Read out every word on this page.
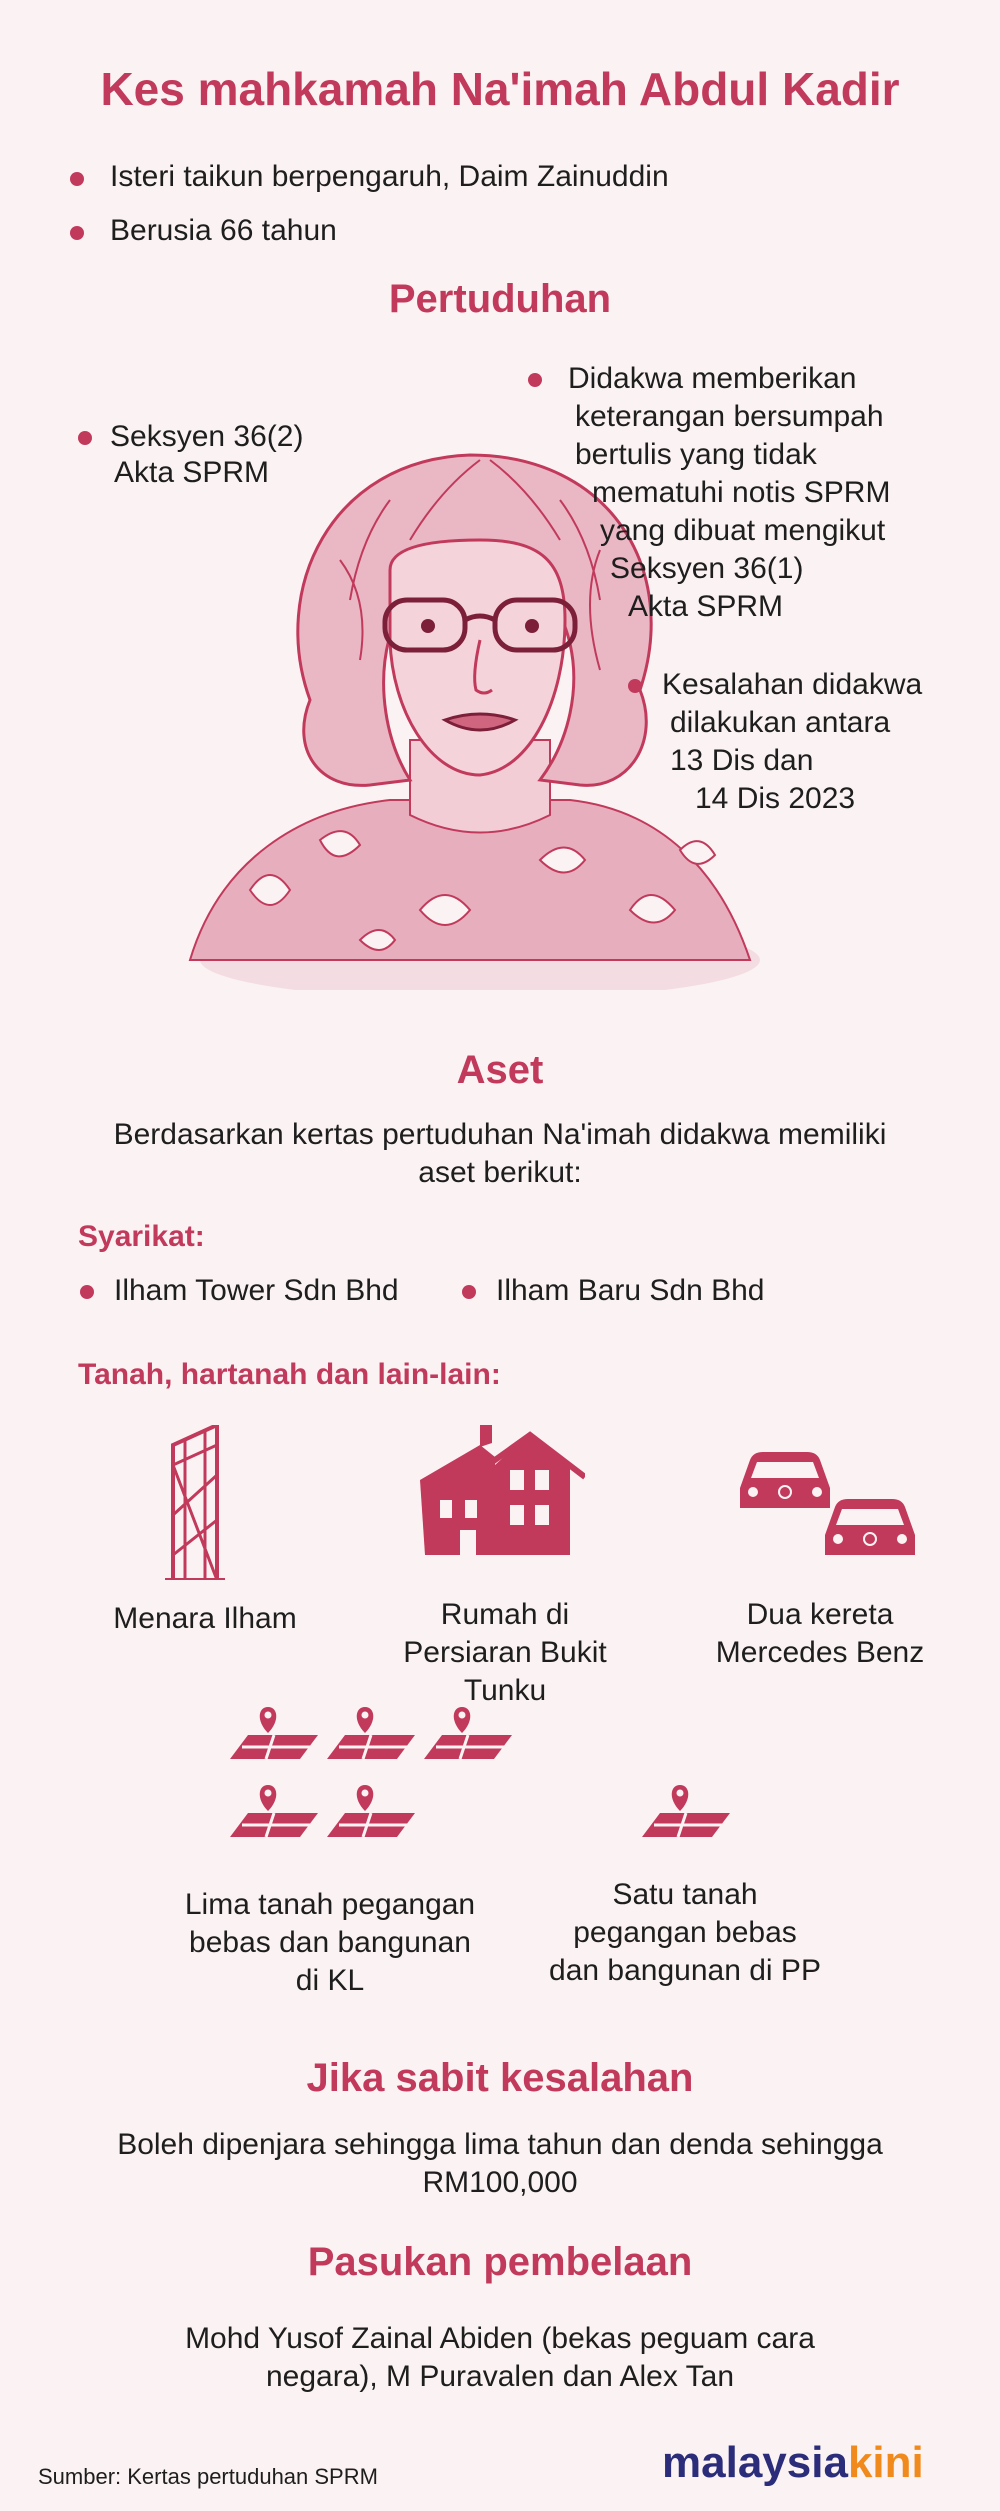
Kes mahkamah Na'imah Abdul Kadir
Isteri taikun berpengaruh, Daim Zainuddin
Berusia 66 tahun
Pertuduhan
Seksyen 36(2)
Akta SPRM
Didakwa memberikan
keterangan bersumpah
bertulis yang tidak
mematuhi notis SPRM
yang dibuat mengikut
Seksyen 36(1)
Akta SPRM
Kesalahan didakwa
dilakukan antara
13 Dis dan
14 Dis 2023
Aset
Berdasarkan kertas pertuduhan Na'imah didakwa memiliki
aset berikut:
Syarikat:
Ilham Tower Sdn Bhd	Ilham Baru Sdn Bhd
Tanah, hartanah dan lain-lain:
Menara Ilham	Rumah di
Persiaran Bukit
Tunku
Dua kereta
Mercedes Benz
Lima tanah pegangan
bebas dan bangunan
di KL
Satu tanah
pegangan bebas
dan bangunan di PP
Jika sabit kesalahan
Boleh dipenjara sehingga lima tahun dan denda sehingga
RM100,000
Pasukan pembelaan
Mohd Yusof Zainal Abiden (bekas peguam cara
negara), M Puravalen dan Alex Tan
Sumber: Kertas pertuduhan SPRM	malaysiakini
